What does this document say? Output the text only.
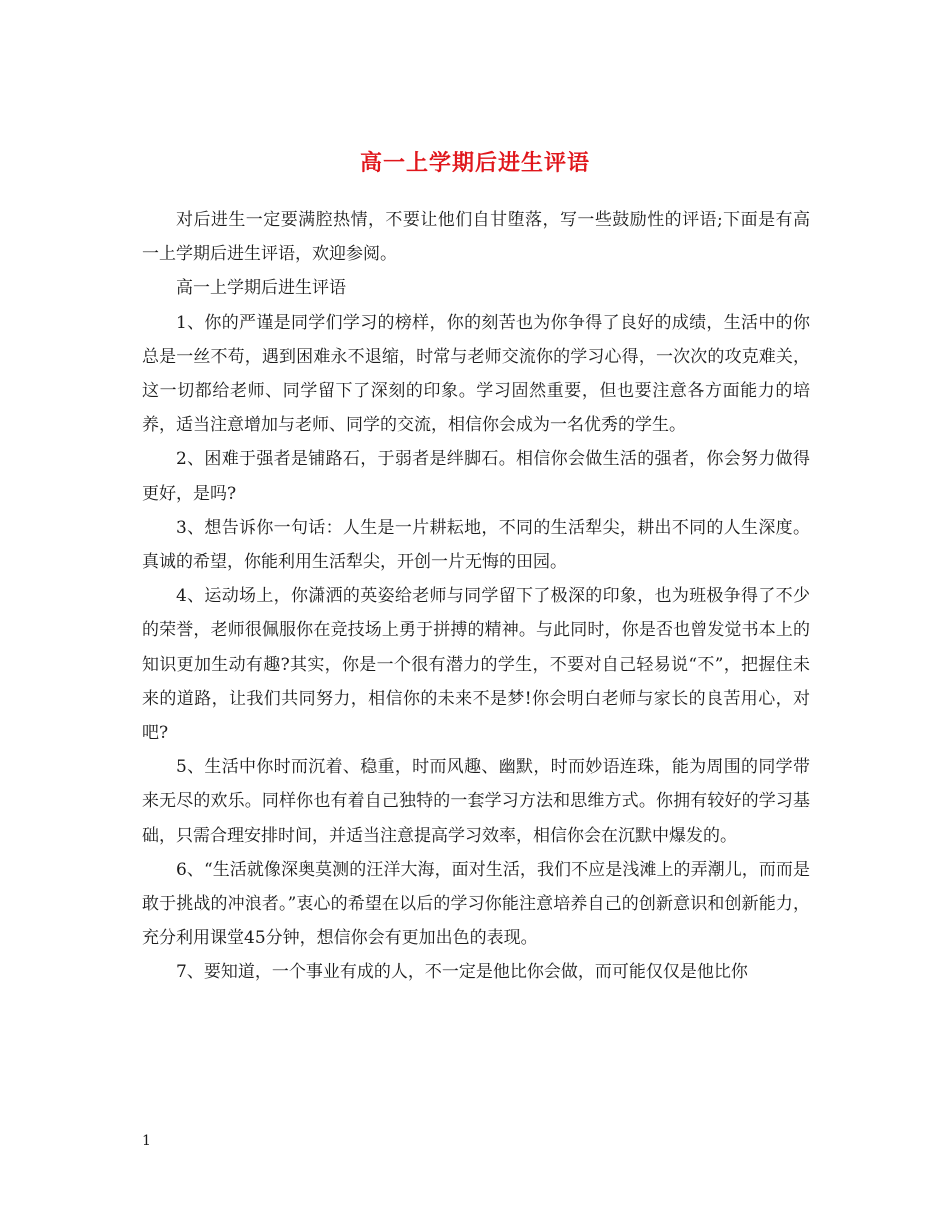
高一上学期后进生评语

对后进生一定要满腔热情，不要让他们自甘堕落，写一些鼓励性的评语;下面是有高一上学期后进生评语，欢迎参阅。

高一上学期后进生评语

1、你的严谨是同学们学习的榜样，你的刻苦也为你争得了良好的成绩，生活中的你总是一丝不苟，遇到困难永不退缩，时常与老师交流你的学习心得，一次次的攻克难关，这一切都给老师、同学留下了深刻的印象。学习固然重要，但也要注意各方面能力的培养，适当注意增加与老师、同学的交流，相信你会成为一名优秀的学生。

2、困难于强者是铺路石，于弱者是绊脚石。相信你会做生活的强者，你会努力做得更好，是吗?

3、想告诉你一句话：人生是一片耕耘地，不同的生活犁尖，耕出不同的人生深度。真诚的希望，你能利用生活犁尖，开创一片无悔的田园。

4、运动场上，你潇洒的英姿给老师与同学留下了极深的印象，也为班极争得了不少的荣誉，老师很佩服你在竞技场上勇于拼搏的精神。与此同时，你是否也曾发觉书本上的知识更加生动有趣?其实，你是一个很有潜力的学生，不要对自己轻易说“不”，把握住未来的道路，让我们共同努力，相信你的未来不是梦!你会明白老师与家长的良苦用心，对吧?

5、生活中你时而沉着、稳重，时而风趣、幽默，时而妙语连珠，能为周围的同学带来无尽的欢乐。同样你也有着自己独特的一套学习方法和思维方式。你拥有较好的学习基础，只需合理安排时间，并适当注意提高学习效率，相信你会在沉默中爆发的。

6、“生活就像深奥莫测的汪洋大海，面对生活，我们不应是浅滩上的弄潮儿，而而是敢于挑战的冲浪者。”衷心的希望在以后的学习你能注意培养自己的创新意识和创新能力，充分利用课堂45分钟，想信你会有更加出色的表现。

7、要知道，一个事业有成的人，不一定是他比你会做，而可能仅仅是他比你

1
